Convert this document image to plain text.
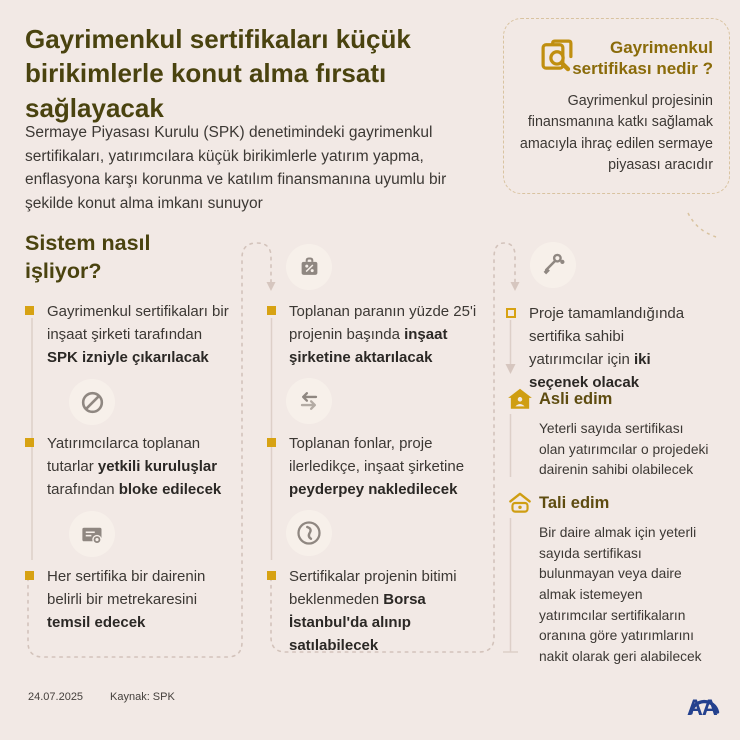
Gayrimenkul sertifikaları küçük birikimlerle konut alma fırsatı sağlayacak

Sermaye Piyasası Kurulu (SPK) denetimindeki gayrimenkul sertifikaları, yatırımcılara küçük birikimlerle yatırım yapma, enflasyona karşı korunma ve katılım finansmanına uyumlu bir şekilde konut alma imkanı sunuyor

Gayrimenkul sertifikası nedir ?

Gayrimenkul projesinin finansmanına katkı sağlamak amacıyla ihraç edilen sermaye piyasası aracıdır

Sistem nasıl işliyor?

Gayrimenkul sertifikaları bir inşaat şirketi tarafından SPK izniyle çıkarılacak

Yatırımcılarca toplanan tutarlar yetkili kuruluşlar tarafından bloke edilecek

Her sertifika bir dairenin belirli bir metrekaresini temsil edecek

Toplanan paranın yüzde 25'i projenin başında inşaat şirketine aktarılacak

Toplanan fonlar, proje ilerledikçe, inşaat şirketine peyderpey nakledilecek

Sertifikalar projenin bitimi beklenmeden Borsa İstanbul'da alınıp satılabilecek

Proje tamamlandığında sertifika sahibi yatırımcılar için iki seçenek olacak

Asli edim

Yeterli sayıda sertifikası olan yatırımcılar o projedeki dairenin sahibi olabilecek

Tali edim

Bir daire almak için yeterli sayıda sertifikası bulunmayan veya daire almak istemeyen yatırımcılar sertifikaların oranına göre yatırımlarını nakit olarak geri alabilecek

24.07.2025 Kaynak: SPK	AA
